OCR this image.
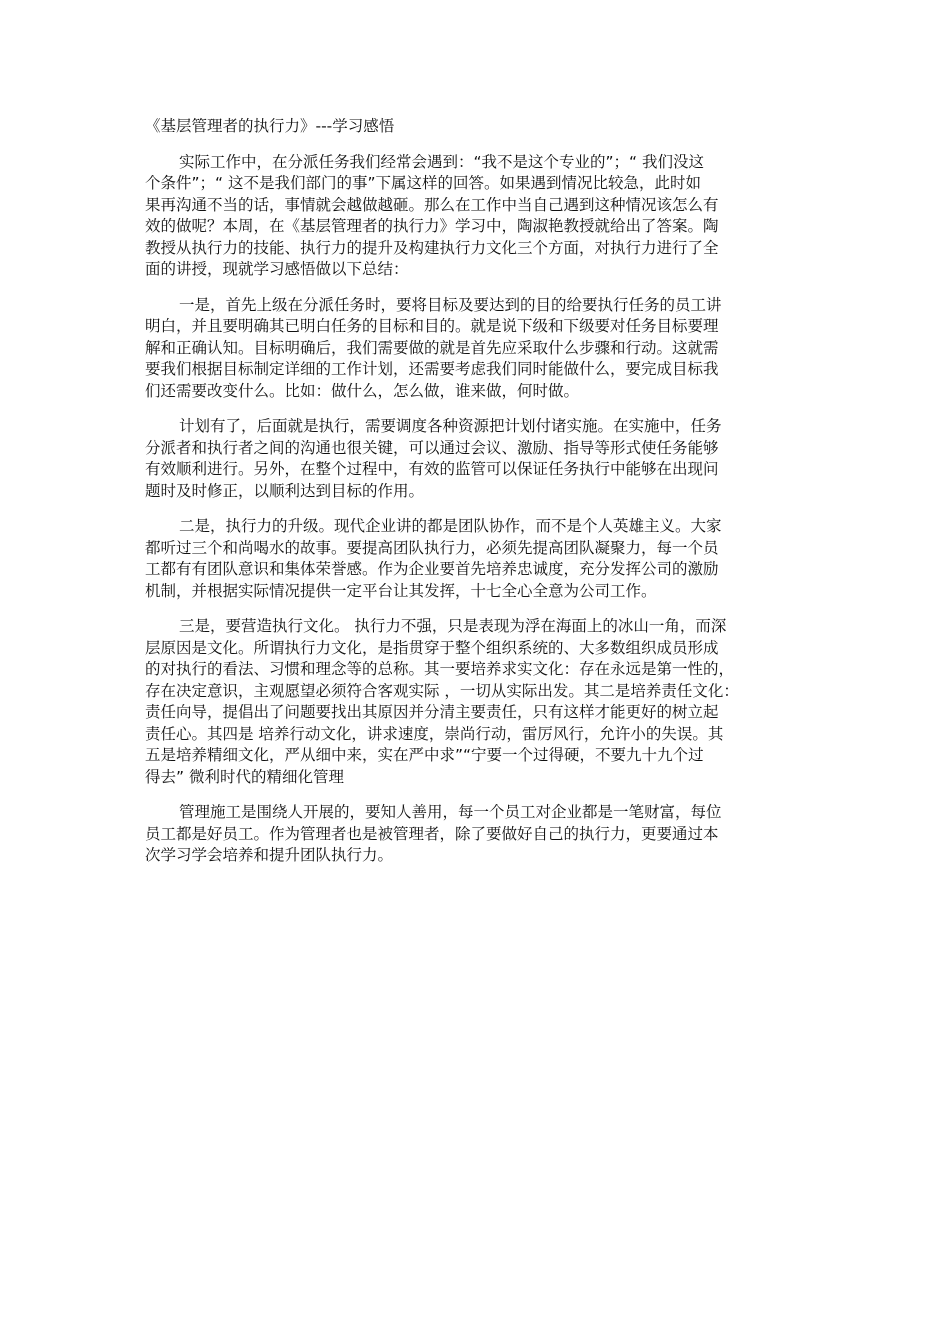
《基层管理者的执行力》---学习感悟
实际工作中，在分派任务我们经常会遇到：“我不是这个专业的”；“ 我们没这
个条件”；“ 这不是我们部门的事”下属这样的回答。如果遇到情况比较急，此时如
果再沟通不当的话，事情就会越做越砸。那么在工作中当自己遇到这种情况该怎么有
效的做呢？本周，在《基层管理者的执行力》学习中，陶淑艳教授就给出了答案。陶
教授从执行力的技能、执行力的提升及构建执行力文化三个方面，对执行力进行了全
面的讲授，现就学习感悟做以下总结：
一是，首先上级在分派任务时，要将目标及要达到的目的给要执行任务的员工讲
明白，并且要明确其已明白任务的目标和目的。就是说下级和下级要对任务目标要理
解和正确认知。目标明确后，我们需要做的就是首先应采取什么步骤和行动。这就需
要我们根据目标制定详细的工作计划，还需要考虑我们同时能做什么，要完成目标我
们还需要改变什么。比如：做什么，怎么做，谁来做，何时做。
计划有了，后面就是执行，需要调度各种资源把计划付诸实施。在实施中，任务
分派者和执行者之间的沟通也很关键，可以通过会议、激励、指导等形式使任务能够
有效顺利进行。另外，在整个过程中，有效的监管可以保证任务执行中能够在出现问
题时及时修正，以顺利达到目标的作用。
二是，执行力的升级。现代企业讲的都是团队协作，而不是个人英雄主义。大家
都听过三个和尚喝水的故事。要提高团队执行力，必须先提高团队凝聚力，每一个员
工都有有团队意识和集体荣誉感。作为企业要首先培养忠诚度，充分发挥公司的激励
机制，并根据实际情况提供一定平台让其发挥，十七全心全意为公司工作。
三是，要营造执行文化。 执行力不强，只是表现为浮在海面上的冰山一角，而深
层原因是文化。所谓执行力文化，是指贯穿于整个组织系统的、大多数组织成员形成
的对执行的看法、习惯和理念等的总称。其一要培养求实文化：存在永远是第一性的，
存在决定意识，主观愿望必须符合客观实际 ，一切从实际出发。其二是培养责任文化：
责任向导，提倡出了问题要找出其原因并分清主要责任，只有这样才能更好的树立起
责任心。其四是 培养行动文化，讲求速度，崇尚行动，雷厉风行，允许小的失误。其
五是培养精细文化，严从细中来，实在严中求”“宁要一个过得硬，不要九十九个过
得去” 微利时代的精细化管理
管理施工是围绕人开展的，要知人善用，每一个员工对企业都是一笔财富，每位
员工都是好员工。作为管理者也是被管理者，除了要做好自己的执行力，更要通过本
次学习学会培养和提升团队执行力。
